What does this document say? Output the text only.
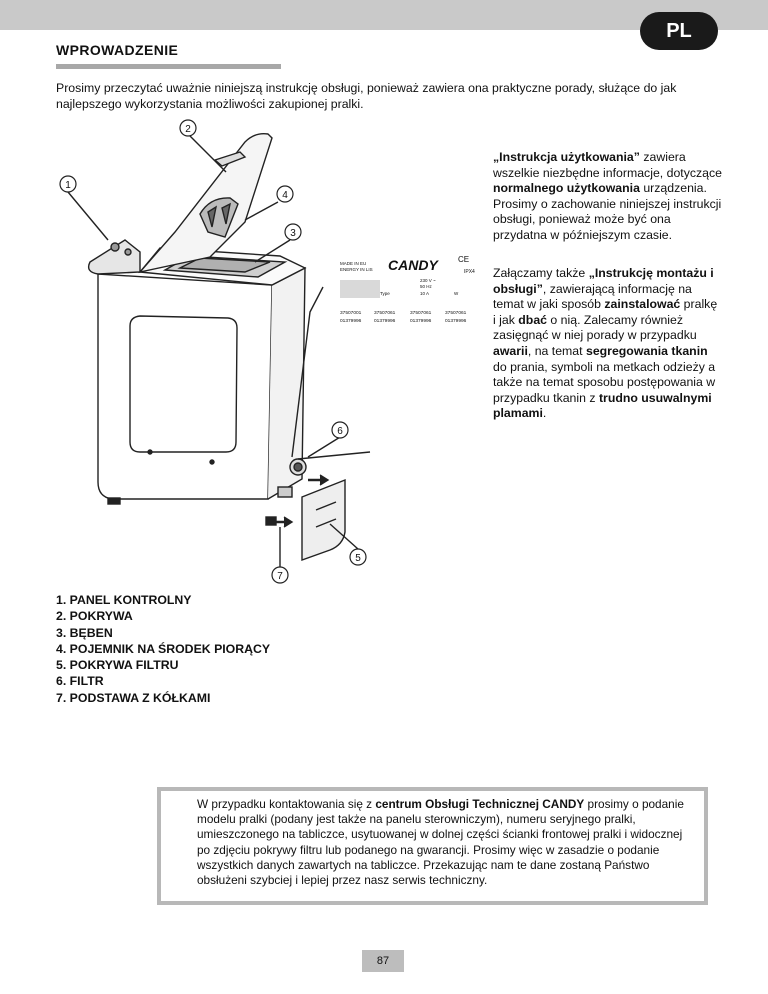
PL
WPROWADZENIE
Prosimy przeczytać uważnie niniejszą instrukcję obsługi, ponieważ zawiera ona praktyczne porady, służące do jak najlepszego wykorzystania możliwości zakupionej pralki.
„Instrukcja użytkowania” zawiera wszelkie niezbędne informacje, dotyczące normalnego użytkowania urządzenia. Prosimy o zachowanie niniejszej instrukcji obsługi, ponieważ może być ona przydatna w późniejszym czasie.
Załączamy także „Instrukcję montażu i obsługi”, zawierającą informację na temat w jaki sposób zainstalować pralkę i jak dbać o nią. Zalecamy również zasięgnąć w niej porady w przypadku awarii, na temat segregowania tkanin do prania, symboli na metkach odzieży a także na temat sposobu postępowania w przypadku tkanin z trudno usuwalnymi plamami.
MADE IN EU
ENERGY IN LIS CANDY	CE
IPX4
230 V ~
50 Hz
10 A	W
Type
37507001	37507061	37507061	37507061
01379996	01379996	01379996	01379996
1
2
3
4
5
6
7
1. PANEL KONTROLNY
2. POKRYWA
3. BĘBEN
4. POJEMNIK NA ŚRODEK PIORĄCY
5. POKRYWA FILTRU
6. FILTR
7. PODSTAWA Z KÓŁKAMI
W przypadku kontaktowania się z centrum Obsługi Technicznej CANDY prosimy o podanie modelu pralki (podany jest także na panelu sterowniczym), numeru seryjnego pralki, umieszczonego na tabliczce, usytuowanej w dolnej części ścianki frontowej pralki i widocznej po zdjęciu pokrywy filtru lub podanego na gwarancji. Prosimy więc w zasadzie o podanie wszystkich danych zawartych na tabliczce. Przekazując nam te dane zostaną Państwo obsłużeni szybciej i lepiej przez nasz serwis techniczny.
87
